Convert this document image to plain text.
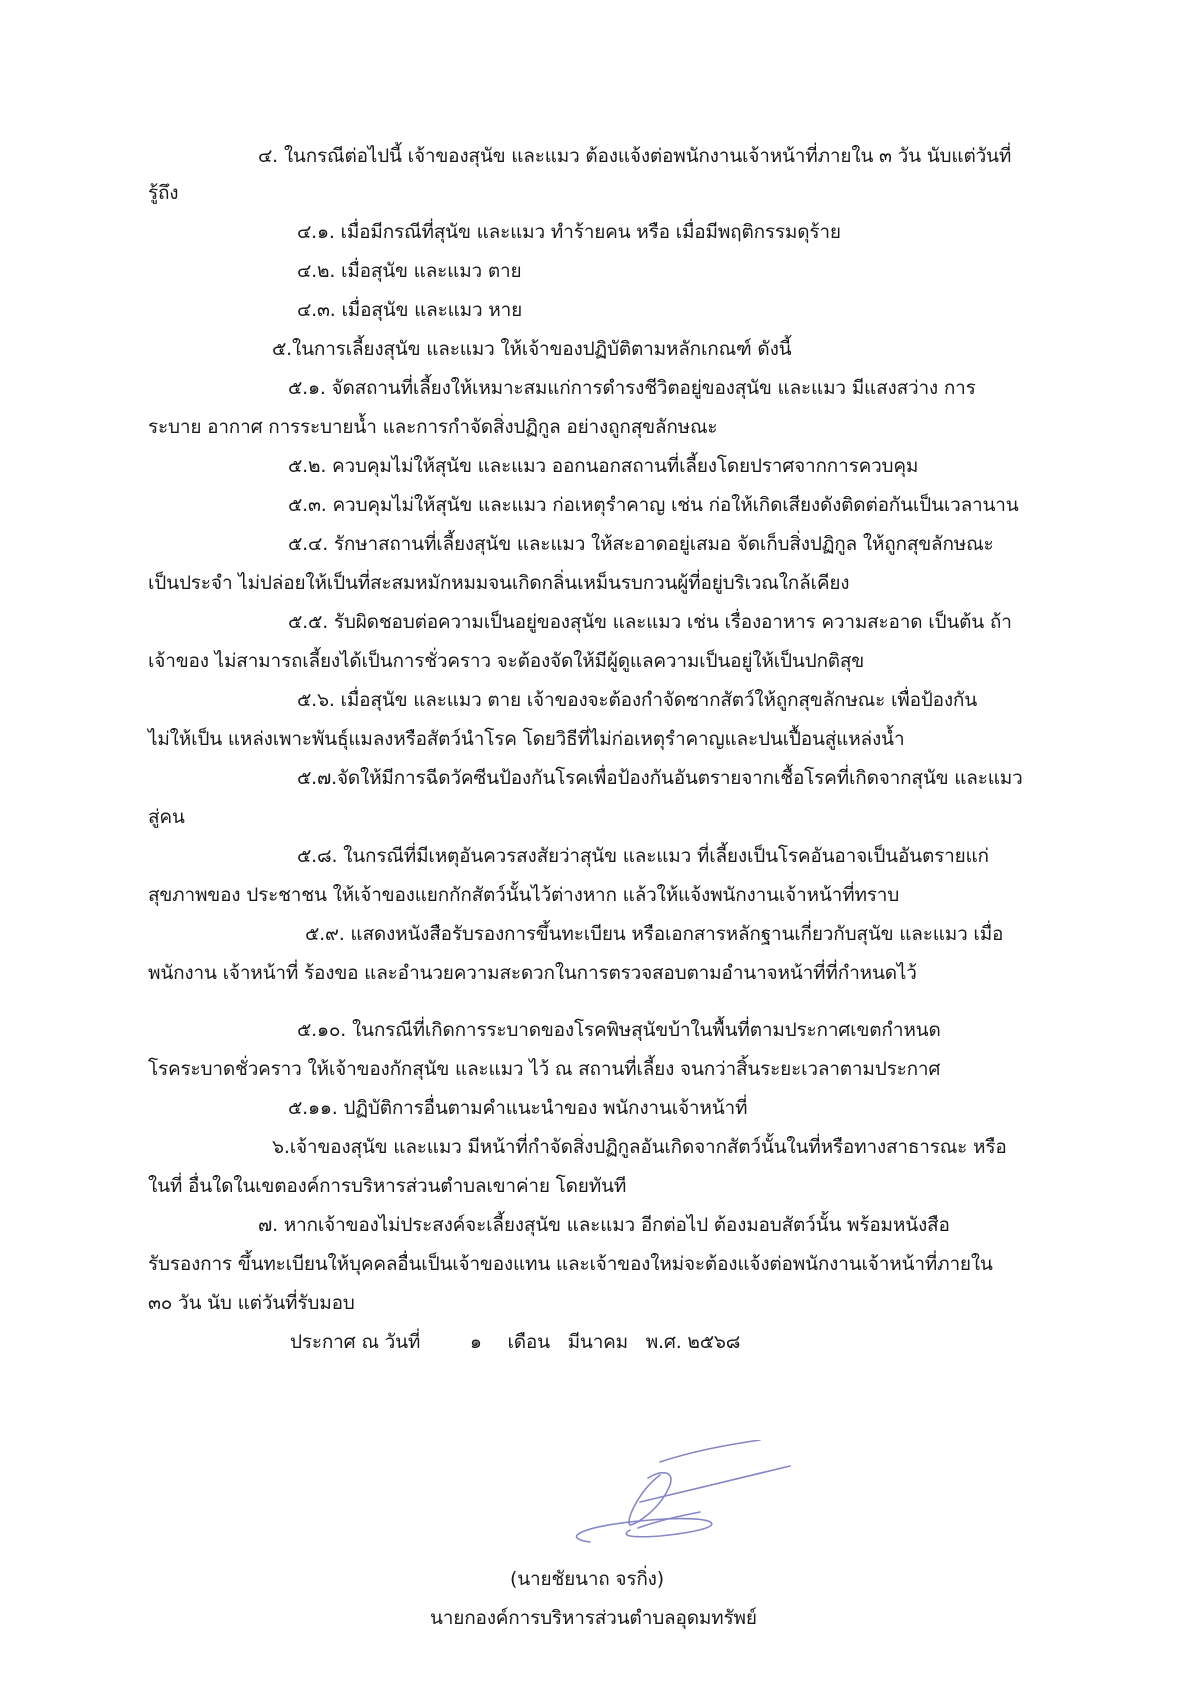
๔. ในกรณีต่อไปนี้ เจ้าของสุนัข และแมว ต้องแจ้งต่อพนักงานเจ้าหน้าที่ภายใน ๓ วัน นับแต่วันที่
รู้ถึง
๔.๑. เมื่อมีกรณีที่สุนัข และแมว ทำร้ายคน หรือ เมื่อมีพฤติกรรมดุร้าย
๔.๒. เมื่อสุนัข และแมว ตาย
๔.๓. เมื่อสุนัข และแมว หาย
๕.ในการเลี้ยงสุนัข และแมว ให้เจ้าของปฏิบัติตามหลักเกณฑ์ ดังนี้
๕.๑. จัดสถานที่เลี้ยงให้เหมาะสมแก่การดำรงชีวิตอยู่ของสุนัข และแมว มีแสงสว่าง การ
ระบาย อากาศ การระบายน้ำ และการกำจัดสิ่งปฏิกูล อย่างถูกสุขลักษณะ
๕.๒. ควบคุมไม่ให้สุนัข และแมว ออกนอกสถานที่เลี้ยงโดยปราศจากการควบคุม
๕.๓. ควบคุมไม่ให้สุนัข และแมว ก่อเหตุรำคาญ เช่น ก่อให้เกิดเสียงดังติดต่อกันเป็นเวลานาน
๕.๔. รักษาสถานที่เลี้ยงสุนัข และแมว ให้สะอาดอยู่เสมอ จัดเก็บสิ่งปฏิกูล ให้ถูกสุขลักษณะ
เป็นประจำ ไม่ปล่อยให้เป็นที่สะสมหมักหมมจนเกิดกลิ่นเหม็นรบกวนผู้ที่อยู่บริเวณใกล้เคียง
๕.๕. รับผิดชอบต่อความเป็นอยู่ของสุนัข และแมว เช่น เรื่องอาหาร ความสะอาด เป็นต้น ถ้า
เจ้าของ ไม่สามารถเลี้ยงได้เป็นการชั่วคราว จะต้องจัดให้มีผู้ดูแลความเป็นอยู่ให้เป็นปกติสุข
๕.๖. เมื่อสุนัข และแมว ตาย เจ้าของจะต้องกำจัดซากสัตว์ให้ถูกสุขลักษณะ เพื่อป้องกัน
ไม่ให้เป็น แหล่งเพาะพันธุ์แมลงหรือสัตว์นำโรค โดยวิธีที่ไม่ก่อเหตุรำคาญและปนเปื้อนสู่แหล่งน้ำ
๕.๗.จัดให้มีการฉีดวัคซีนป้องกันโรคเพื่อป้องกันอันตรายจากเชื้อโรคที่เกิดจากสุนัข และแมว
สู่คน
๕.๘. ในกรณีที่มีเหตุอันควรสงสัยว่าสุนัข และแมว ที่เลี้ยงเป็นโรคอันอาจเป็นอันตรายแก่
สุขภาพของ ประชาชน ให้เจ้าของแยกกักสัตว์นั้นไว้ต่างหาก แล้วให้แจ้งพนักงานเจ้าหน้าที่ทราบ
๕.๙. แสดงหนังสือรับรองการขึ้นทะเบียน หรือเอกสารหลักฐานเกี่ยวกับสุนัข และแมว เมื่อ
พนักงาน เจ้าหน้าที่ ร้องขอ และอำนวยความสะดวกในการตรวจสอบตามอำนาจหน้าที่ที่กำหนดไว้
๕.๑๐. ในกรณีที่เกิดการระบาดของโรคพิษสุนัขบ้าในพื้นที่ตามประกาศเขตกำหนด
โรคระบาดชั่วคราว ให้เจ้าของกักสุนัข และแมว ไว้ ณ สถานที่เลี้ยง จนกว่าสิ้นระยะเวลาตามประกาศ
๕.๑๑. ปฏิบัติการอื่นตามคำแนะนำของ พนักงานเจ้าหน้าที่
๖.เจ้าของสุนัข และแมว มีหน้าที่กำจัดสิ่งปฏิกูลอันเกิดจากสัตว์นั้นในที่หรือทางสาธารณะ หรือ
ในที่ อื่นใดในเขตองค์การบริหารส่วนตำบลเขาค่าย โดยทันที
๗. หากเจ้าของไม่ประสงค์จะเลี้ยงสุนัข และแมว อีกต่อไป ต้องมอบสัตว์นั้น พร้อมหนังสือ
รับรองการ ขึ้นทะเบียนให้บุคคลอื่นเป็นเจ้าของแทน และเจ้าของใหม่จะต้องแจ้งต่อพนักงานเจ้าหน้าที่ภายใน
๓๐ วัน นับ แต่วันที่รับมอบ
ประกาศ ณ วันที่	๑ เดือน มีนาคม พ.ศ. ๒๕๖๘
(นายชัยนาถ จรกิ่ง)
นายกองค์การบริหารส่วนตำบลอุดมทรัพย์
